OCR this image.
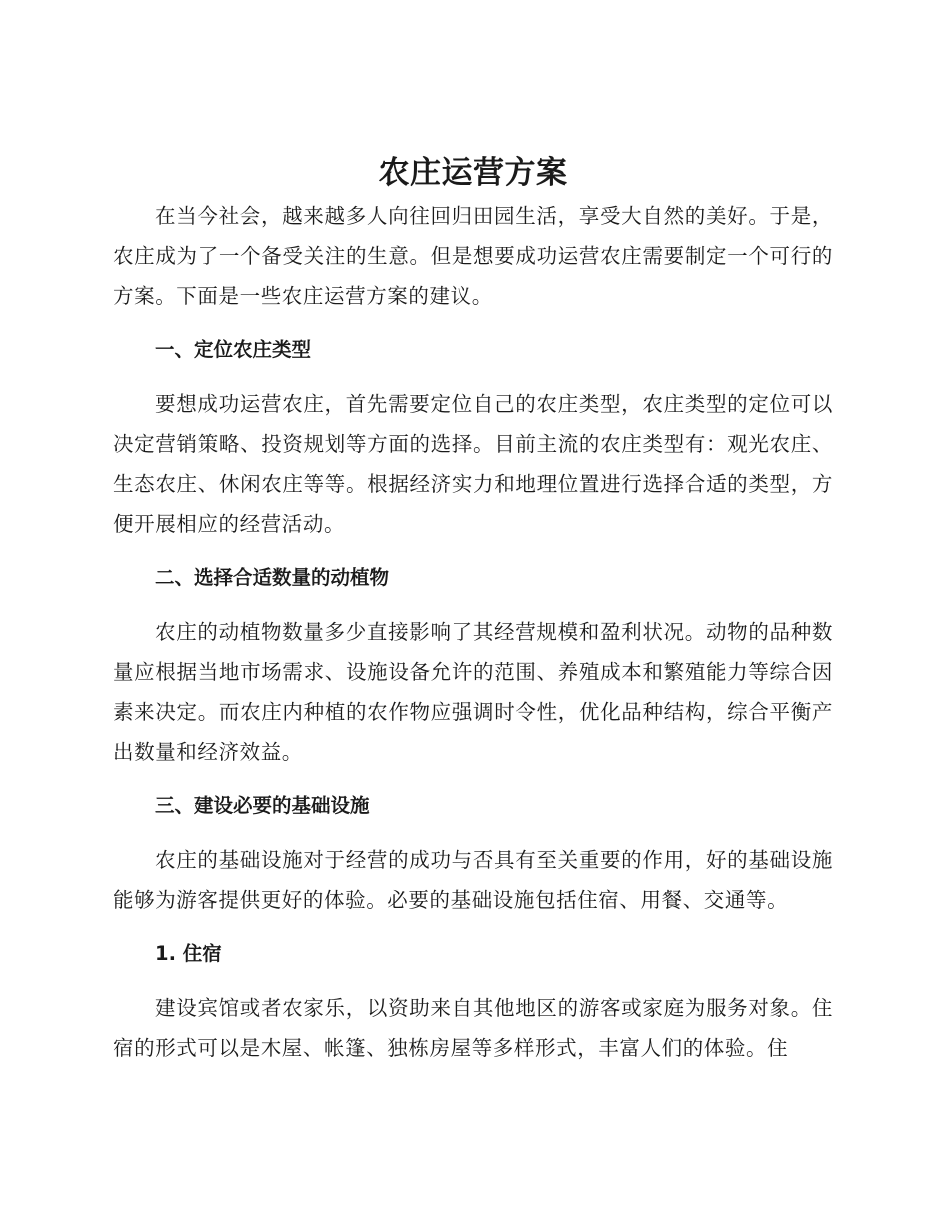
农庄运营方案

在当今社会，越来越多人向往回归田园生活，享受大自然的美好。于是，农庄成为了一个备受关注的生意。但是想要成功运营农庄需要制定一个可行的方案。下面是一些农庄运营方案的建议。

一、定位农庄类型

要想成功运营农庄，首先需要定位自己的农庄类型，农庄类型的定位可以决定营销策略、投资规划等方面的选择。目前主流的农庄类型有：观光农庄、生态农庄、休闲农庄等等。根据经济实力和地理位置进行选择合适的类型，方便开展相应的经营活动。

二、选择合适数量的动植物

农庄的动植物数量多少直接影响了其经营规模和盈利状况。动物的品种数量应根据当地市场需求、设施设备允许的范围、养殖成本和繁殖能力等综合因素来决定。而农庄内种植的农作物应强调时令性，优化品种结构，综合平衡产出数量和经济效益。

三、建设必要的基础设施

农庄的基础设施对于经营的成功与否具有至关重要的作用，好的基础设施能够为游客提供更好的体验。必要的基础设施包括住宿、用餐、交通等。

1. 住宿

建设宾馆或者农家乐，以资助来自其他地区的游客或家庭为服务对象。住宿的形式可以是木屋、帐篷、独栋房屋等多样形式，丰富人们的体验。住
